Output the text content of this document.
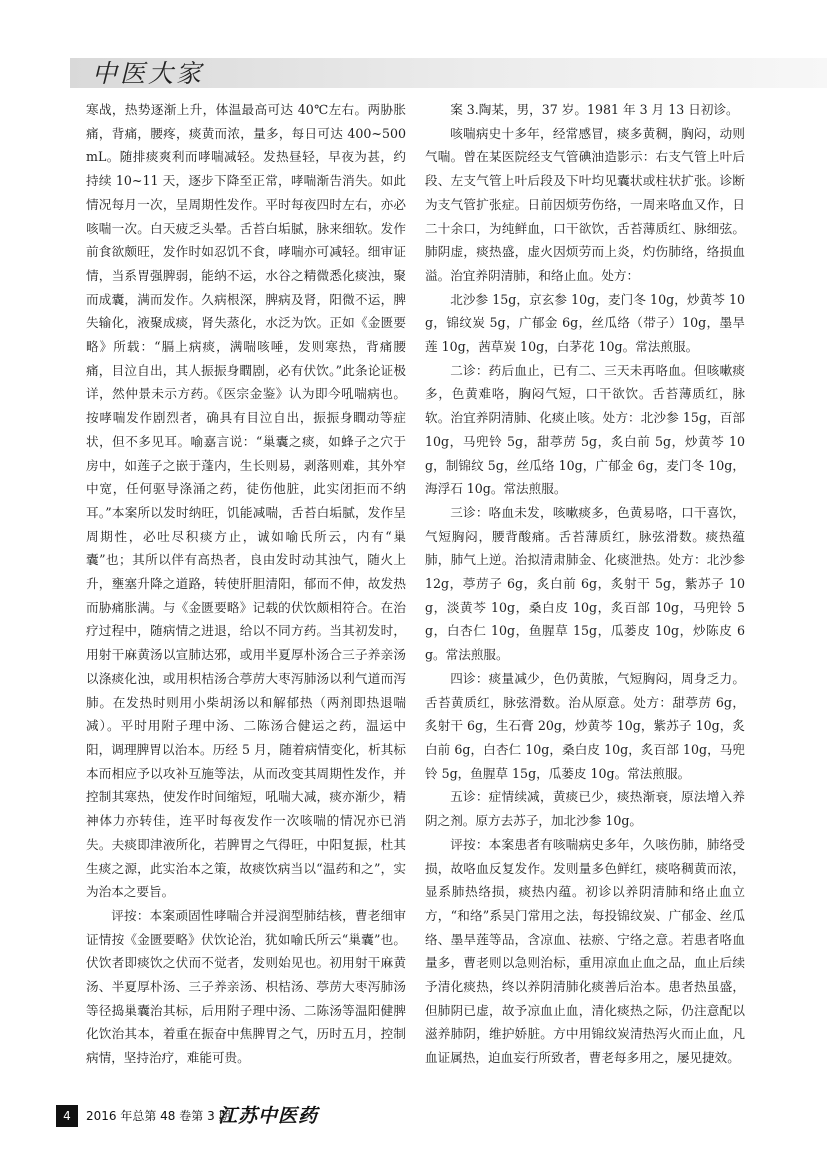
中医大家

寒战，热势逐渐上升，体温最高可达 40℃左右。两胁胀痛，背痛，腰疼，痰黄而浓，量多，每日可达 400~500mL。随排痰爽利而哮喘减轻。发热昼轻，早夜为甚，约持续 10~11 天，逐步下降至正常，哮喘渐告消失。如此情况每月一次，呈周期性发作。平时每夜四时左右，亦必咳喘一次。白天疲乏头晕。舌苔白垢腻，脉来细软。发作前食欲颇旺，发作时如忍饥不食，哮喘亦可减轻。细审证情，当系胃强脾弱，能纳不运，水谷之精微悉化痰浊，聚而成囊，满而发作。久病根深，脾病及肾，阳微不运，脾失输化，液聚成痰，肾失蒸化，水泛为饮。正如《金匮要略》所载：“膈上病痰，满喘咳唾，发则寒热，背痛腰痛，目泣自出，其人振振身瞤剧，必有伏饮。”此条论证极详，然仲景未示方药。《医宗金鉴》认为即今吼喘病也。按哮喘发作剧烈者，确具有目泣自出，振振身瞤动等症状，但不多见耳。喻嘉言说：“巢囊之痰，如蜂子之穴于房中，如莲子之嵌于蓬内，生长则易，剥落则难，其外窄中宽，任何驱导涤涌之药，徒伤他脏，此实闭拒而不纳耳。”本案所以发时纳旺，饥能减喘，舌苔白垢腻，发作呈周期性，必吐尽积痰方止，诚如喻氏所云，内有“巢囊”也；其所以伴有高热者，良由发时动其浊气，随火上升，壅塞升降之道路，转使肝胆清阳，郁而不伸，故发热而胁痛胀满。与《金匮要略》记载的伏饮颇相符合。在治疗过程中，随病情之进退，给以不同方药。当其初发时，用射干麻黄汤以宣肺达邪，或用半夏厚朴汤合三子养亲汤以涤痰化浊，或用枳桔汤合葶苈大枣泻肺汤以利气道而泻肺。在发热时则用小柴胡汤以和解郁热（两剂即热退喘减）。平时用附子理中汤、二陈汤合健运之药，温运中阳，调理脾胃以治本。历经 5 月，随着病情变化，析其标本而相应予以攻补互施等法，从而改变其周期性发作，并控制其寒热，使发作时间缩短，吼喘大减，痰亦渐少，精神体力亦转佳，连平时每夜发作一次咳喘的情况亦已消失。夫痰即津液所化，若脾胃之气得旺，中阳复振，杜其生痰之源，此实治本之策，故痰饮病当以“温药和之”，实为治本之要旨。

评按：本案顽固性哮喘合并浸润型肺结核，曹老细审证情按《金匮要略》伏饮论治，犹如喻氏所云“巢囊”也。伏饮者即痰饮之伏而不觉者，发则始见也。初用射干麻黄汤、半夏厚朴汤、三子养亲汤、枳桔汤、葶苈大枣泻肺汤等径捣巢囊治其标，后用附子理中汤、二陈汤等温阳健脾化饮治其本，着重在振奋中焦脾胃之气，历时五月，控制病情，坚持治疗，难能可贵。

案 3.陶某，男，37 岁。1981 年 3 月 13 日初诊。

咳喘病史十多年，经常感冒，痰多黄稠，胸闷，动则气喘。曾在某医院经支气管碘油造影示：右支气管上叶后段、左支气管上叶后段及下叶均见囊状或柱状扩张。诊断为支气管扩张症。日前因烦劳伤络，一周来咯血又作，日二十余口，为纯鲜血，口干欲饮，舌苔薄质红、脉细弦。肺阴虚，痰热盛，虚火因烦劳而上炎，灼伤肺络，络损血溢。治宜养阴清肺，和络止血。处方：

北沙参 15g，京玄参 10g，麦门冬 10g，炒黄芩 10g，锦纹炭 5g，广郁金 6g，丝瓜络（带子）10g，墨旱莲 10g，茜草炭 10g，白茅花 10g。常法煎服。

二诊：药后血止，已有二、三天未再咯血。但咳嗽痰多，色黄难咯，胸闷气短，口干欲饮。舌苔薄质红，脉软。治宜养阴清肺、化痰止咳。处方：北沙参 15g，百部 10g，马兜铃 5g，甜葶苈 5g，炙白前 5g，炒黄芩 10g，制锦纹 5g，丝瓜络 10g，广郁金 6g，麦门冬 10g，海浮石 10g。常法煎服。

三诊：咯血未发，咳嗽痰多，色黄易咯，口干喜饮，气短胸闷，腰背酸痛。舌苔薄质红，脉弦滑数。痰热蕴肺，肺气上逆。治拟清肃肺金、化痰泄热。处方：北沙参 12g，葶苈子 6g，炙白前 6g，炙射干 5g，紫苏子 10g，淡黄芩 10g，桑白皮 10g，炙百部 10g，马兜铃 5g，白杏仁 10g，鱼腥草 15g，瓜蒌皮 10g，炒陈皮 6g。常法煎服。

四诊：痰量减少，色仍黄脓，气短胸闷，周身乏力。舌苔黄质红，脉弦滑数。治从原意。处方：甜葶苈 6g，炙射干 6g，生石膏 20g，炒黄芩 10g，紫苏子 10g，炙白前 6g，白杏仁 10g，桑白皮 10g，炙百部 10g，马兜铃 5g，鱼腥草 15g，瓜蒌皮 10g。常法煎服。

五诊：症情续减，黄痰已少，痰热渐衰，原法增入养阴之剂。原方去苏子，加北沙参 10g。

评按：本案患者有咳喘病史多年，久咳伤肺，肺络受损，故咯血反复发作。发则量多色鲜红，痰咯稠黄而浓，显系肺热络损，痰热内蕴。初诊以养阴清肺和络止血立方，“和络”系吴门常用之法，每投锦纹炭、广郁金、丝瓜络、墨旱莲等品，含凉血、祛瘀、宁络之意。若患者咯血量多，曹老则以急则治标，重用凉血止血之品，血止后续予清化痰热，终以养阴清肺化痰善后治本。患者热虽盛，但肺阴已虚，故予凉血止血，清化痰热之际，仍注意配以滋养肺阴，维护娇脏。方中用锦纹炭清热泻火而止血，凡血证属热，迫血妄行所致者，曹老每多用之，屡见捷效。

4	2016 年总第 48 卷第 3 期
江苏中医药
